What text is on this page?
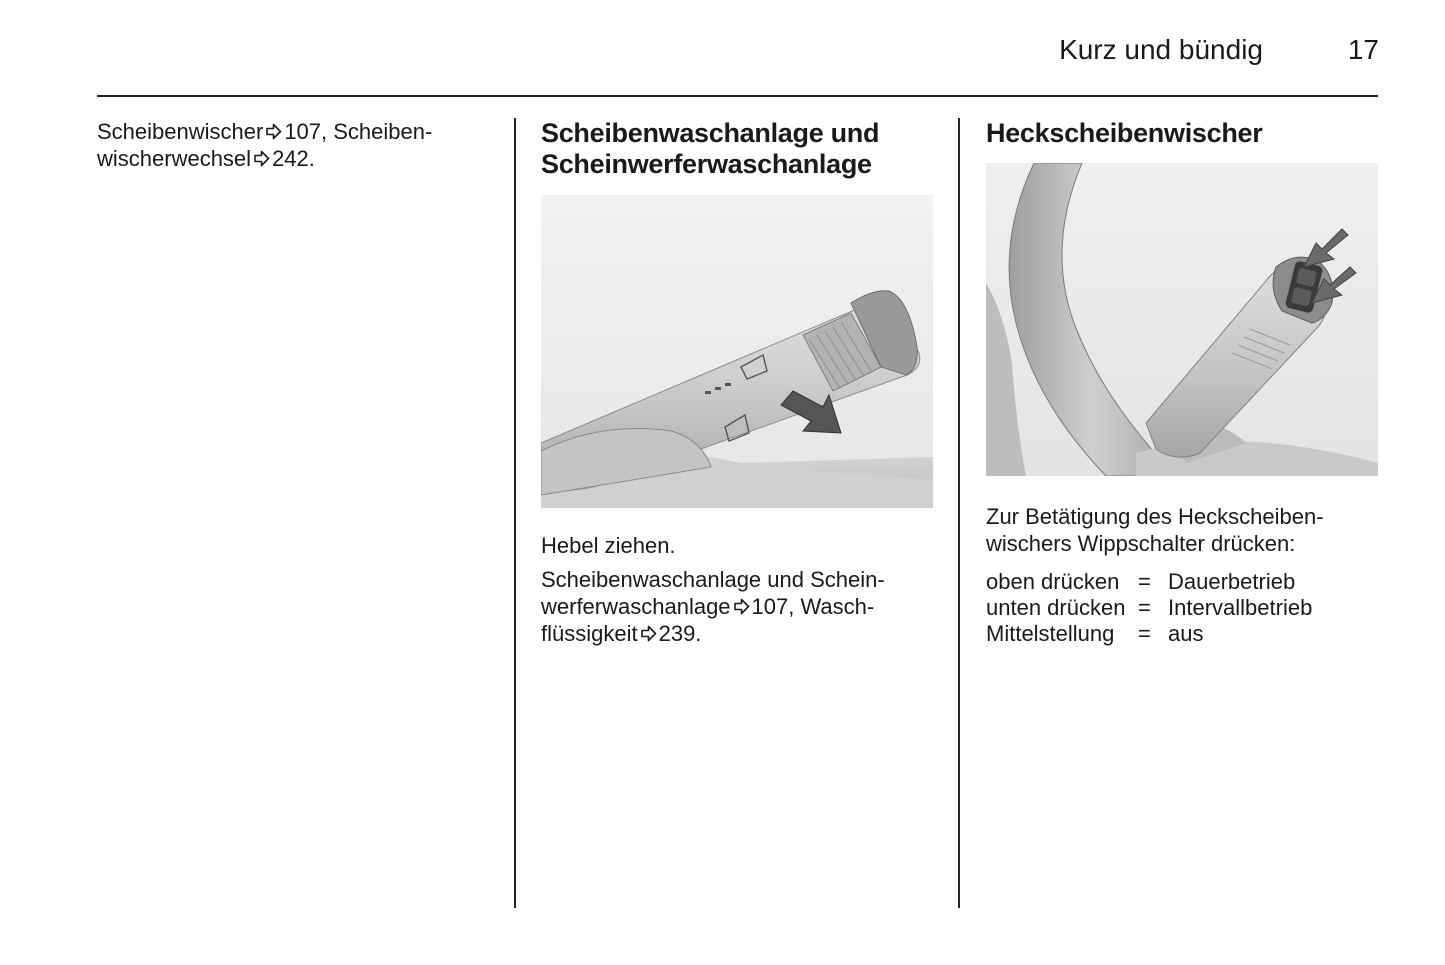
Kurz und bündig	17

Scheibenwischer 107, Scheiben-
wischerwechsel 242.

Scheibenwaschanlage und
Scheinwerferwaschanlage

Hebel ziehen.

Scheibenwaschanlage und Schein-
werferwaschanlage 107, Wasch-
flüssigkeit 239.

Heckscheibenwischer

Zur Betätigung des Heckscheiben-
wischers Wippschalter drücken:

oben drücken	=	Dauerbetrieb
unten drücken	=	Intervallbetrieb
Mittelstellung	=	aus
